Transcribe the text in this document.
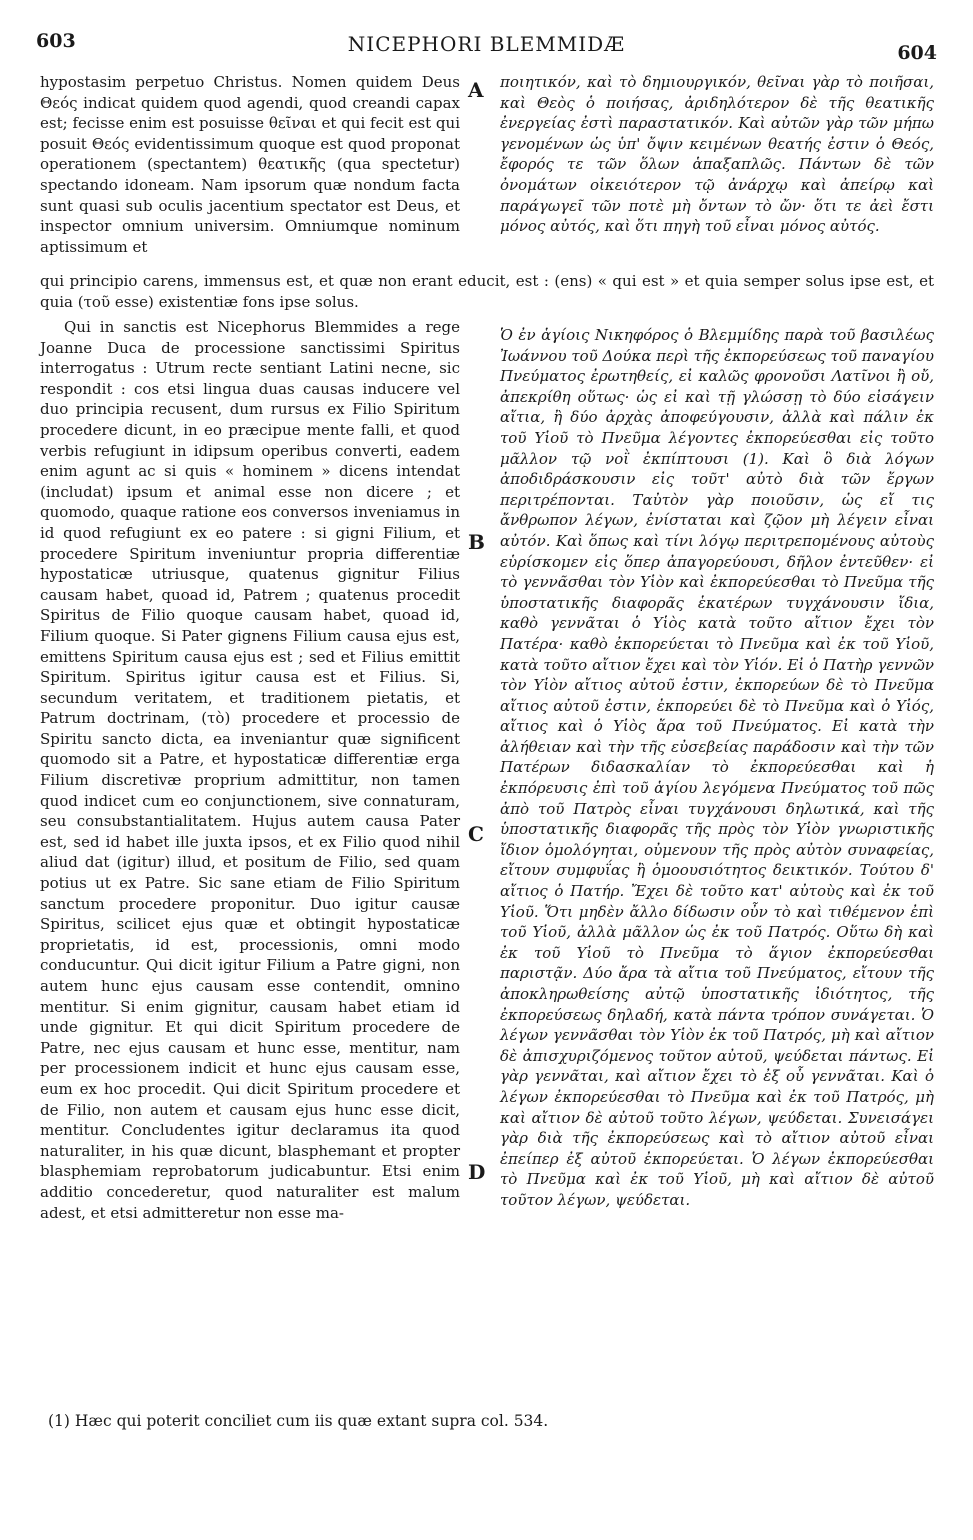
603	NICEPHORI BLEMMIDÆ	604

hypostasim perpetuo Christus. Nomen quidem Deus Θεός indicat quidem quod agendi, quod creandi capax est; fecisse enim est posuisse θεῖναι et qui fecit est qui posuit Θεός evidentissimum quoque est quod proponat operationem (spectantem) θεατικῆς (qua spectetur) spectando idoneam. Nam ipsorum quæ nondum facta sunt quasi sub oculis jacentium spectator est Deus, et inspector omnium universim. Omniumque nominum aptissimum et

A ποιητικόν, καὶ τὸ δημιουργικόν, θεῖναι γὰρ τὸ ποιῆσαι, καὶ Θεὸς ὁ ποιήσας, ἀριδηλότερον δὲ τῆς θεατικῆς ἐνεργείας ἐστὶ παραστατικόν. Καὶ αὐτῶν γὰρ τῶν μήπω γενομένων ὡς ὑπ' ὄψιν κειμένων θεατής ἐστιν ὁ Θεός, ἔφορός τε τῶν ὅλων ἁπαξαπλῶς. Πάντων δὲ τῶν ὀνομάτων οἰκειότερον τῷ ἀνάρχῳ καὶ ἀπείρῳ καὶ παράγωγεῖ τῶν ποτὲ μὴ ὄντων τὸ ὤν· ὅτι τε ἀεὶ ἔστι μόνος αὐτός, καὶ ὅτι πηγὴ τοῦ εἶναι μόνος αὐτός.

qui principio carens, immensus est, et quæ non erant educit, est : (ens) « qui est » et quia semper solus ipse est, et quia (τοῦ esse) existentiæ fons ipse solus.

Qui in sanctis est Nicephorus Blemmides a rege Joanne Duca de processione sanctissimi Spiritus interrogatus : Utrum recte sentiant Latini necne, sic respondit : cos etsi lingua duas causas inducere vel duo principia recusent, dum rursus ex Filio Spiritum procedere dicunt, in eo præcipue mente falli, et quod verbis refugiunt in idipsum operibus converti, eadem enim agunt ac si quis « hominem » dicens intendat (includat) ipsum et animal esse non dicere ; et quomodo, quaque ratione eos conversos inveniamus in id quod refugiunt ex eo patere : si gigni Filium, et procedere Spiritum inveniuntur propria differentiæ hypostaticæ utriusque, quatenus gignitur Filius causam habet, quoad id, Patrem ; quatenus procedit Spiritus de Filio quoque causam habet, quoad id, Filium quoque. Si Pater gignens Filium causa ejus est, emittens Spiritum causa ejus est ; sed et Filius emittit Spiritum. Spiritus igitur causa est et Filius. Si, secundum veritatem, et traditionem pietatis, et Patrum doctrinam, (τὸ) procedere et processio de Spiritu sancto dicta, ea inveniantur quæ significent quomodo sit a Patre, et hypostaticæ differentiæ erga Filium discretivæ proprium admittitur, non tamen quod indicet cum eo conjunctionem, sive connaturam, seu consubstantialitatem. Hujus autem causa Pater est, sed id habet ille juxta ipsos, et ex Filio quod nihil aliud dat (igitur) illud, et positum de Filio, sed quam potius ut ex Patre. Sic sane etiam de Filio Spiritum sanctum procedere proponitur. Duo igitur causæ Spiritus, scilicet ejus quæ et obtingit hypostaticæ proprietatis, id est, processionis, omni modo conducuntur. Qui dicit igitur Filium a Patre gigni, non autem hunc ejus causam esse contendit, omnino mentitur. Si enim gignitur, causam habet etiam id unde gignitur. Et qui dicit Spiritum procedere de Patre, nec ejus causam et hunc esse, mentitur, nam per processionem indicit et hunc ejus causam esse, eum ex hoc procedit. Qui dicit Spiritum procedere et de Filio, non autem et causam ejus hunc esse dicit, mentitur. Concludentes igitur declaramus ita quod naturaliter, in his quæ dicunt, blasphemant et propter blasphemiam reprobatorum judicabuntur. Etsi enim additio concederetur, quod naturaliter est malum adest, et etsi admitteretur non esse ma-

B
C
D

Ὁ ἐν ἁγίοις Νικηφόρος ὁ Βλεμμίδης παρὰ τοῦ βασιλέως Ἰωάννου τοῦ Δούκα περὶ τῆς ἐκπορεύσεως τοῦ παναγίου Πνεύματος ἐρωτηθείς, εἰ καλῶς φρονοῦσι Λατῖνοι ἢ οὔ, ἀπεκρίθη οὕτως· ὡς εἰ καὶ τῇ γλώσσῃ τὸ δύο εἰσάγειν αἴτια, ἢ δύο ἀρχὰς ἀποφεύγουσιν, ἀλλὰ καὶ πάλιν ἐκ τοῦ Υἱοῦ τὸ Πνεῦμα λέγοντες ἐκπορεύεσθαι εἰς τοῦτο μᾶλλον τῷ νοῒ ἐκπίπτουσι (1). Καὶ ὃ διὰ λόγων ἀποδιδράσκουσιν εἰς τοῦτ' αὐτὸ διὰ τῶν ἔργων περιτρέπονται. Ταὐτὸν γὰρ ποιοῦσιν, ὡς εἴ τις ἄνθρωπον λέγων, ἐνίσταται καὶ ζῷον μὴ λέγειν εἶναι αὐτόν. Καὶ ὅπως καὶ τίνι λόγῳ περιτρεπομένους αὐτοὺς εὑρίσκομεν εἰς ὅπερ ἀπαγορεύουσι, δῆλον ἐντεῦθεν· εἰ τὸ γεννᾶσθαι τὸν Υἱὸν καὶ ἐκπορεύεσθαι τὸ Πνεῦμα τῆς ὑποστατικῆς διαφορᾶς ἑκατέρων τυγχάνουσιν ἴδια, καθὸ γεννᾶται ὁ Υἱὸς κατὰ τοῦτο αἴτιον ἔχει τὸν Πατέρα· καθὸ ἐκπορεύεται τὸ Πνεῦμα καὶ ἐκ τοῦ Υἱοῦ, κατὰ τοῦτο αἴτιον ἔχει καὶ τὸν Υἱόν. Εἰ ὁ Πατὴρ γεννῶν τὸν Υἱὸν αἴτιος αὐτοῦ ἐστιν, ἐκπορεύων δὲ τὸ Πνεῦμα αἴτιος αὐτοῦ ἐστιν, ἐκπορεύει δὲ τὸ Πνεῦμα καὶ ὁ Υἱός, αἴτιος καὶ ὁ Υἱὸς ἄρα τοῦ Πνεύματος. Εἰ κατὰ τὴν ἀλήθειαν καὶ τὴν τῆς εὐσεβείας παράδοσιν καὶ τὴν τῶν Πατέρων διδασκαλίαν τὸ ἐκπορεύεσθαι καὶ ἡ ἐκπόρευσις ἐπὶ τοῦ ἁγίου λεγόμενα Πνεύματος τοῦ πῶς ἀπὸ τοῦ Πατρὸς εἶναι τυγχάνουσι δηλωτικά, καὶ τῆς ὑποστατικῆς διαφορᾶς τῆς πρὸς τὸν Υἱὸν γνωριστικῆς ἴδιον ὁμολόγηται, οὐμενουν τῆς πρὸς αὐτὸν συναφείας, εἴτουν συμφυΐας ἢ ὁμοουσιότητος δεικτικόν. Τούτου δ' αἴτιος ὁ Πατήρ. Ἔχει δὲ τοῦτο κατ' αὐτοὺς καὶ ἐκ τοῦ Υἱοῦ. Ὅτι μηδὲν ἄλλο δίδωσιν οὖν τὸ καὶ τιθέμενον ἐπὶ τοῦ Υἱοῦ, ἀλλὰ μᾶλλον ὡς ἐκ τοῦ Πατρός. Οὕτω δὴ καὶ ἐκ τοῦ Υἱοῦ τὸ Πνεῦμα τὸ ἅγιον ἐκπορεύεσθαι παριστᾷν. Δύο ἄρα τὰ αἴτια τοῦ Πνεύματος, εἴτουν τῆς ἀποκληρωθείσης αὐτῷ ὑποστατικῆς ἰδιότητος, τῆς ἐκπορεύσεως δηλαδή, κατὰ πάντα τρόπον συνάγεται. Ὁ λέγων γεννᾶσθαι τὸν Υἱὸν ἐκ τοῦ Πατρός, μὴ καὶ αἴτιον δὲ ἀπισχυριζόμενος τοῦτον αὐτοῦ, ψεύδεται πάντως. Εἰ γὰρ γεννᾶται, καὶ αἴτιον ἔχει τὸ ἐξ οὗ γεννᾶται. Καὶ ὁ λέγων ἐκπορεύεσθαι τὸ Πνεῦμα καὶ ἐκ τοῦ Πατρός, μὴ καὶ αἴτιον δὲ αὐτοῦ τοῦτο λέγων, ψεύδεται. Συνεισάγει γὰρ διὰ τῆς ἐκπορεύσεως καὶ τὸ αἴτιον αὐτοῦ εἶναι ἐπείπερ ἐξ αὐτοῦ ἐκπορεύεται. Ὁ λέγων ἐκπορεύεσθαι τὸ Πνεῦμα καὶ ἐκ τοῦ Υἱοῦ, μὴ καὶ αἴτιον δὲ αὐτοῦ τοῦτον λέγων, ψεύδεται.

(1) Hæc qui poterit conciliet cum iis quæ extant supra col. 534.
